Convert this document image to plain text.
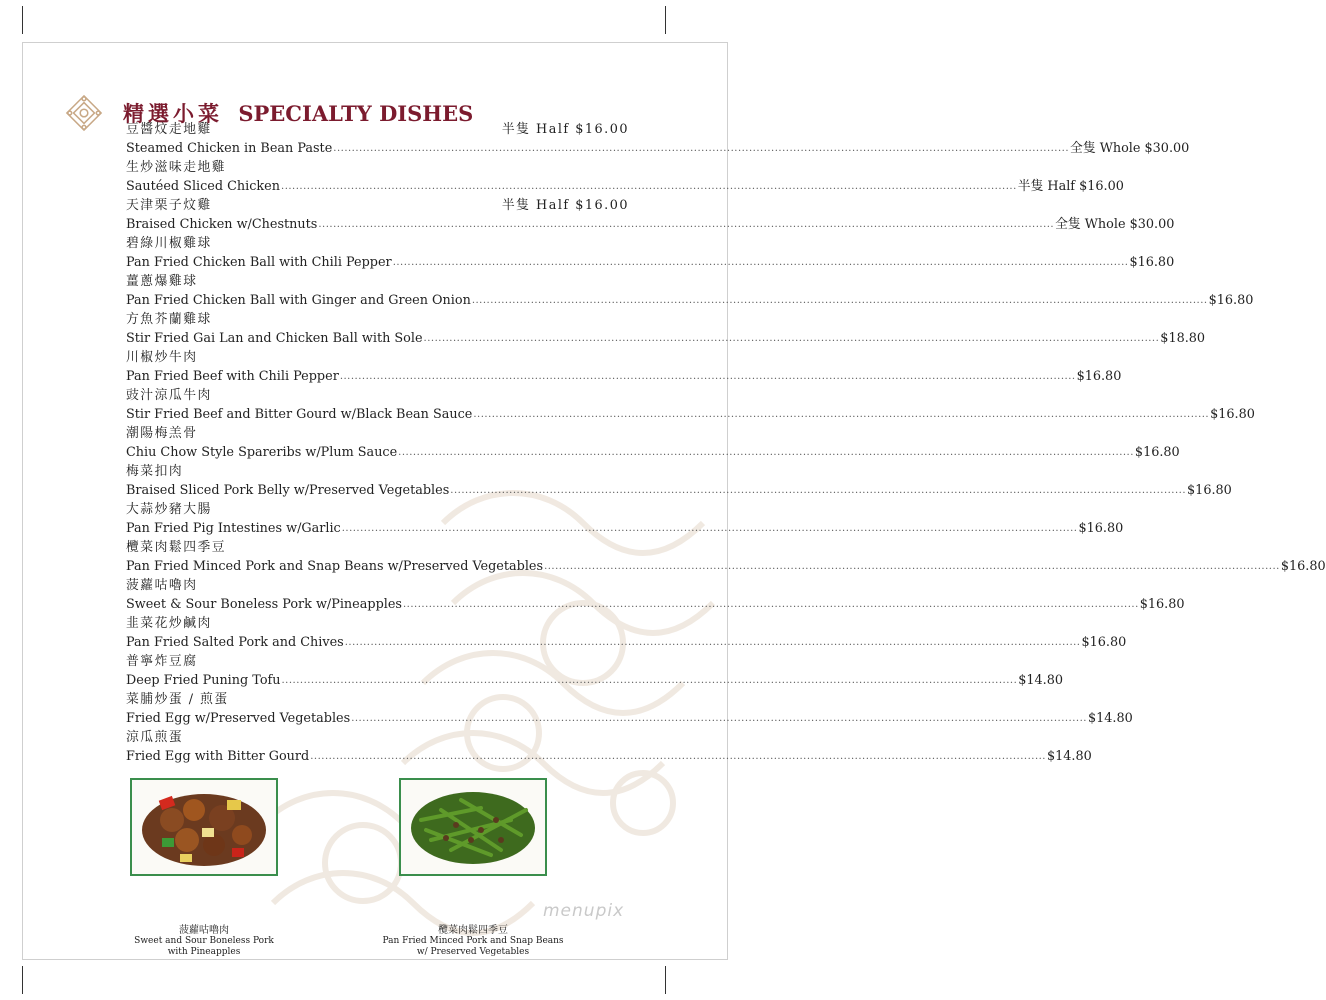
精選小菜 SPECIALTY DISHES
豆醬炆走地雞	半隻 Half $16.00
Steamed Chicken in Bean Paste ........................................................................................................................................................................................................ 全隻 Whole $30.00
生炒滋味走地雞
Sautéed Sliced Chicken ........................................................................................................................................................................................................ 半隻 Half $16.00
天津栗子炆雞	半隻 Half $16.00
Braised Chicken w/Chestnuts ........................................................................................................................................................................................................ 全隻 Whole $30.00
碧綠川椒雞球
Pan Fried Chicken Ball with Chili Pepper ........................................................................................................................................................................................................ $16.80
薑蔥爆雞球
Pan Fried Chicken Ball with Ginger and Green Onion ........................................................................................................................................................................................................ $16.80
方魚芥蘭雞球
Stir Fried Gai Lan and Chicken Ball with Sole ........................................................................................................................................................................................................ $18.80
川椒炒牛肉
Pan Fried Beef with Chili Pepper ........................................................................................................................................................................................................ $16.80
豉汁涼瓜牛肉
Stir Fried Beef and Bitter Gourd w/Black Bean Sauce ........................................................................................................................................................................................................ $16.80
潮陽梅羔骨
Chiu Chow Style Spareribs w/Plum Sauce ........................................................................................................................................................................................................ $16.80
梅菜扣肉
Braised Sliced Pork Belly w/Preserved Vegetables ........................................................................................................................................................................................................ $16.80
大蒜炒豬大腸
Pan Fried Pig Intestines w/Garlic ........................................................................................................................................................................................................ $16.80
欖菜肉鬆四季豆
Pan Fried Minced Pork and Snap Beans w/Preserved Vegetables ........................................................................................................................................................................................................ $16.80
菠蘿咕嚕肉
Sweet & Sour Boneless Pork w/Pineapples ........................................................................................................................................................................................................ $16.80
韭菜花炒鹹肉
Pan Fried Salted Pork and Chives ........................................................................................................................................................................................................ $16.80
普寧炸豆腐
Deep Fried Puning Tofu ........................................................................................................................................................................................................ $14.80
菜脯炒蛋 / 煎蛋
Fried Egg w/Preserved Vegetables ........................................................................................................................................................................................................ $14.80
涼瓜煎蛋
Fried Egg with Bitter Gourd ........................................................................................................................................................................................................ $14.80
菠蘿咕嚕肉
Sweet and Sour Boneless Pork
with Pineapples
欖菜肉鬆四季豆
Pan Fried Minced Pork and Snap Beans
w/ Preserved Vegetables
menupix
